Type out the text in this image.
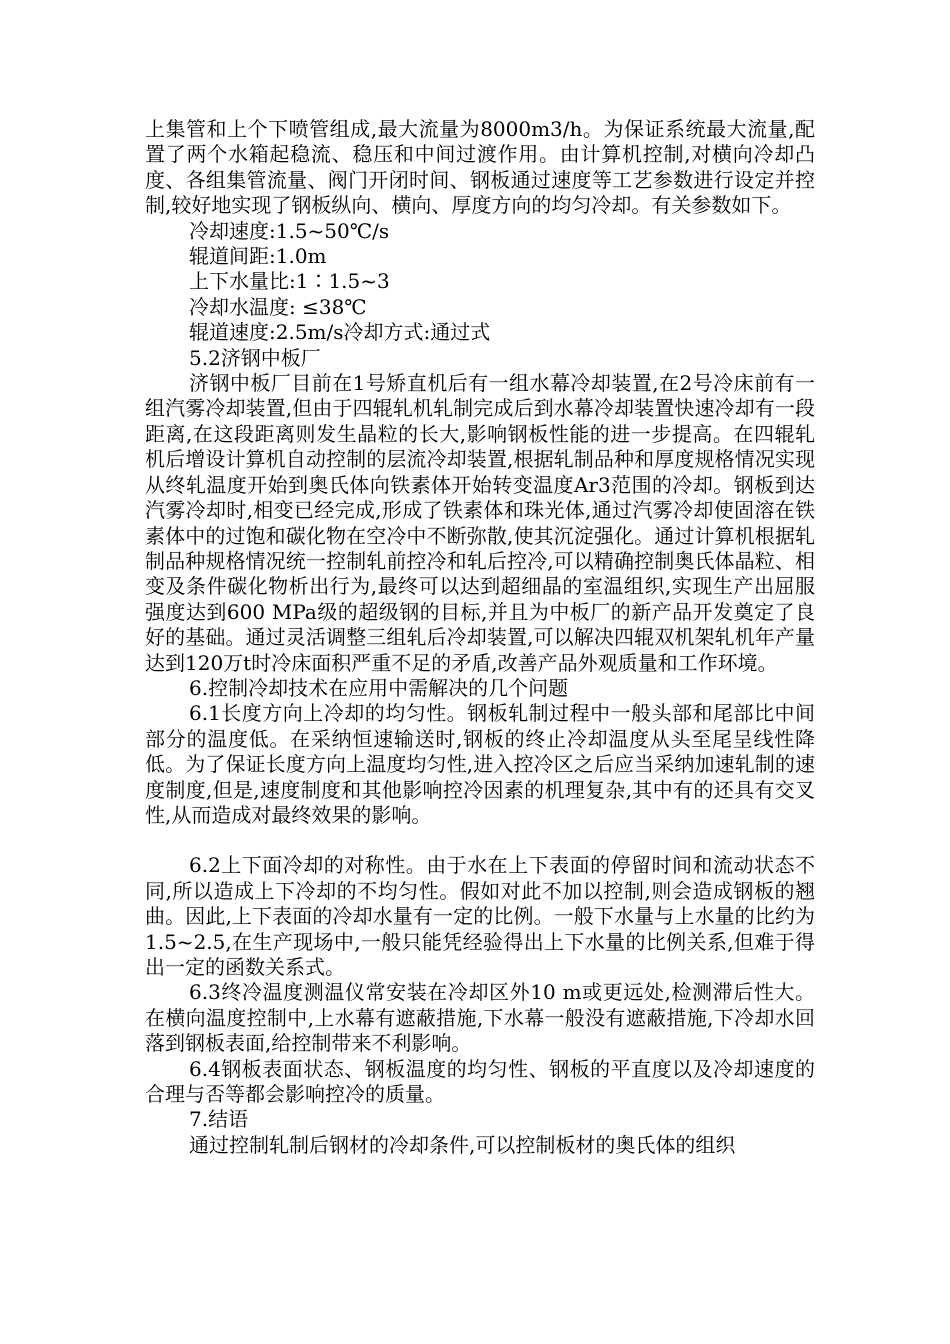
上集管和上个下喷管组成,最大流量为8000m3/h。为保证系统最大流量,配置了两个水箱起稳流、稳压和中间过渡作用。由计算机控制,对横向冷却凸度、各组集管流量、阀门开闭时间、钢板通过速度等工艺参数进行设定并控制,较好地实现了钢板纵向、横向、厚度方向的均匀冷却。有关参数如下。

冷却速度:1.5~50℃/s

辊道间距:1.0m

上下水量比:1∶1.5~3

冷却水温度: ≤38℃

辊道速度:2.5m/s冷却方式:通过式

5.2济钢中板厂

济钢中板厂目前在1号矫直机后有一组水幕冷却装置,在2号冷床前有一组汽雾冷却装置,但由于四辊轧机轧制完成后到水幕冷却装置快速冷却有一段距离,在这段距离则发生晶粒的长大,影响钢板性能的进一步提高。在四辊轧机后增设计算机自动控制的层流冷却装置,根据轧制品种和厚度规格情况实现从终轧温度开始到奥氏体向铁素体开始转变温度Ar3范围的冷却。钢板到达汽雾冷却时,相变已经完成,形成了铁素体和珠光体,通过汽雾冷却使固溶在铁素体中的过饱和碳化物在空冷中不断弥散,使其沉淀强化。通过计算机根据轧制品种规格情况统一控制轧前控冷和轧后控冷,可以精确控制奥氏体晶粒、相变及条件碳化物析出行为,最终可以达到超细晶的室温组织,实现生产出屈服强度达到600 MPa级的超级钢的目标,并且为中板厂的新产品开发奠定了良好的基础。通过灵活调整三组轧后冷却装置,可以解决四辊双机架轧机年产量达到120万t时冷床面积严重不足的矛盾,改善产品外观质量和工作环境。

6.控制冷却技术在应用中需解决的几个问题

6.1长度方向上冷却的均匀性。钢板轧制过程中一般头部和尾部比中间部分的温度低。在采纳恒速输送时,钢板的终止冷却温度从头至尾呈线性降低。为了保证长度方向上温度均匀性,进入控冷区之后应当采纳加速轧制的速度制度,但是,速度制度和其他影响控冷因素的机理复杂,其中有的还具有交叉性,从而造成对最终效果的影响。

6.2上下面冷却的对称性。由于水在上下表面的停留时间和流动状态不同,所以造成上下冷却的不均匀性。假如对此不加以控制,则会造成钢板的翘曲。因此,上下表面的冷却水量有一定的比例。一般下水量与上水量的比约为1.5~2.5,在生产现场中,一般只能凭经验得出上下水量的比例关系,但难于得出一定的函数关系式。

6.3终冷温度测温仪常安装在冷却区外10 m或更远处,检测滞后性大。在横向温度控制中,上水幕有遮蔽措施,下水幕一般没有遮蔽措施,下冷却水回落到钢板表面,给控制带来不利影响。

6.4钢板表面状态、钢板温度的均匀性、钢板的平直度以及冷却速度的合理与否等都会影响控冷的质量。

7.结语

通过控制轧制后钢材的冷却条件,可以控制板材的奥氏体的组织
